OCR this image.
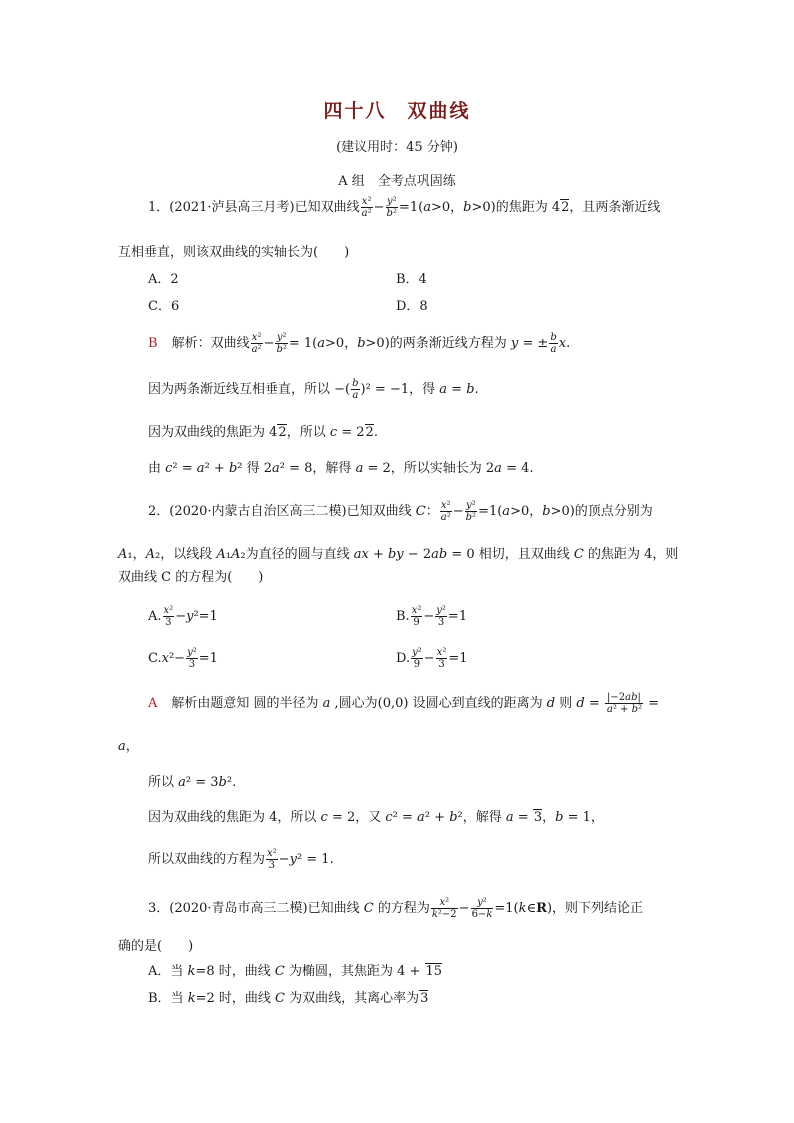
四十八　双曲线
(建议用时：45 分钟)
A 组　全考点巩固练
1．(2021·泸县高三月考)已知双曲线 $\frac{\text{x²}}{\text{a²}} - \frac{\text{y²}}{\text{b²}} =1(a>0$，b>0)的焦距为 42，且两条渐近线
互相垂直，则该双曲线的实轴长为(　　)
A．2	B．4
C．6	D．8
B 解析：双曲线 $\frac{\text{x²}}{\text{a²}} - \frac{\text{y²}}{\text{b²}} = 1(a>0$，b>0)的两条渐近线方程为 y = ± $\frac{b}{a} x$.
因为两条渐近线互相垂直，所以 −( $\frac{b}{a} )^2 = -1$，得 a = b.
因为双曲线的焦距为 42，所以 c = 22.
由 c² = a² + b² 得 2a² = 8，解得 a = 2，所以实轴长为 2a = 4.
2．(2020·内蒙古自治区高三二模)已知双曲线 C： $\frac{\text{x²}}{\text{a²}} - \frac{\text{y²}}{\text{b²}} =1(a>0$，b>0)的顶点分别为
A₁，A₂，以线段 A₁A₂为直径的圆与直线 ax + by − 2ab = 0 相切，且双曲线 C 的焦距为 4，则
双曲线 C 的方程为(　　)
A. $\frac{\text{x²}}{3} -y^2=1$	B. $\frac{\text{x²}}{9} - \frac{\text{y²}}{3} =1$
$C.x^2- \frac{\text{y²}}{3} =1$	D. $\frac{\text{y²}}{9} - \frac{\text{x²}}{3} =1$
A 解析由题意知 圆的半径为 a ,圆心为(0,0) 设圆心到直线的距离为 d 则 $d = \frac{|-2ab|}{\text{a² + b²}}$ =
a，
所以 a² = 3b².
因为双曲线的焦距为 4，所以 c = 2，又 c² = a² + b²，解得 a = 3，b = 1，
所以双曲线的方程为 $\frac{\text{x²}}{3} -y^2 = 1$.
3．(2020·青岛市高三二模)已知曲线 C 的方程为 $\frac{\text{x²}}{\text{k²−2}} - \frac{\text{y²}}{6-k}$ =1(k∈R)，则下列结论正
确的是(　　)
A．当 k=8 时，曲线 C 为椭圆，其焦距为 4 + 15
B．当 k=2 时，曲线 C 为双曲线，其离心率为3
